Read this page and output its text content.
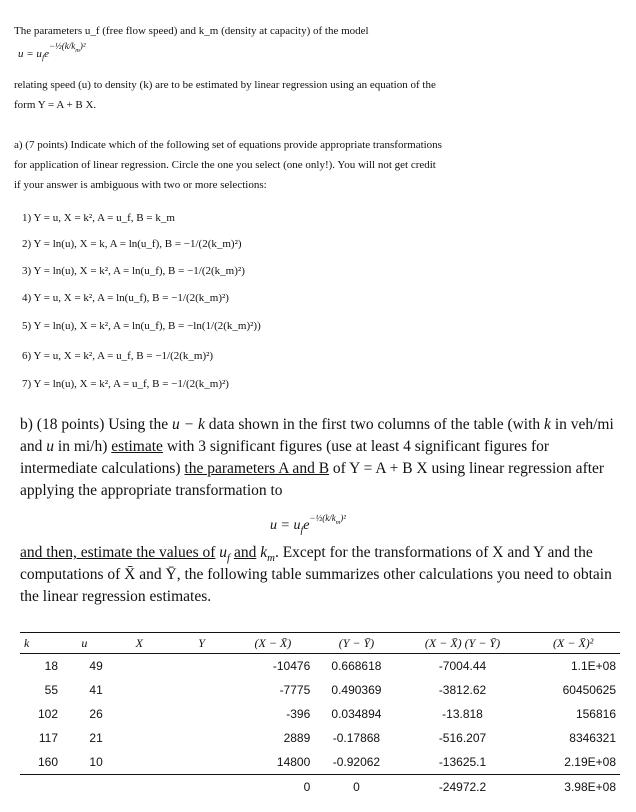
The parameters u_f (free flow speed) and k_m (density at capacity) of the model
$u = u_fe^{-\frac{1}{2}(k/k_m)^2}$
relating speed (u) to density (k) are to be estimated by linear regression using an equation of the
form Y = A + B X.
a) (7 points) Indicate which of the following set of equations provide appropriate transformations
for application of linear regression. Circle the one you select (one only!). You will not get credit
if your answer is ambiguous with two or more selections:
1) Y = u, X = k², A = u_f, B = k_m
2) Y = ln(u), X = k, A = ln(u_f), B = −1/(2(k_m)²)
3) Y = ln(u), X = k², A = ln(u_f), B = −1/(2(k_m)²)
4) Y = u, X = k², A = ln(u_f), B = −1/(2(k_m)²)
5) Y = ln(u), X = k², A = ln(u_f), B = −ln(1/(2(k_m)²))
6) Y = u, X = k², A = u_f, B = −1/(2(k_m)²)
7) Y = ln(u), X = k², A = u_f, B = −1/(2(k_m)²)
b) (18 points) Using the u − k data shown in the first two columns of the table (with k in veh/mi
and u in mi/h) estimate with 3 significant figures (use at least 4 significant figures for
intermediate calculations) the parameters A and B of Y = A + B X using linear regression after
applying the appropriate transformation to
$u = u_fe^{-\frac{1}{2}(k/k_m)^2}$
and then, estimate the values of $u_f$ and $k_m$. Except for the transformations of X and Y and the
computations of X̄ and Ȳ, the following table summarizes other calculations you need to obtain
the linear regression estimates.
k	u	X	Y	(X − X̄)	(Y − Ȳ)	(X − X̄) (Y − Ȳ)	(X − X̄)²
18	49			-10476	0.668618	-7004.44	1.1E+08
55	41			-7775	0.490369	-3812.62	60450625
102	26			-396	0.034894	-13.818	156816
117	21			2889	-0.17868	-516.207	8346321
160	10			14800	-0.92062	-13625.1	2.19E+08
				0	0	-24972.2	3.98E+08
